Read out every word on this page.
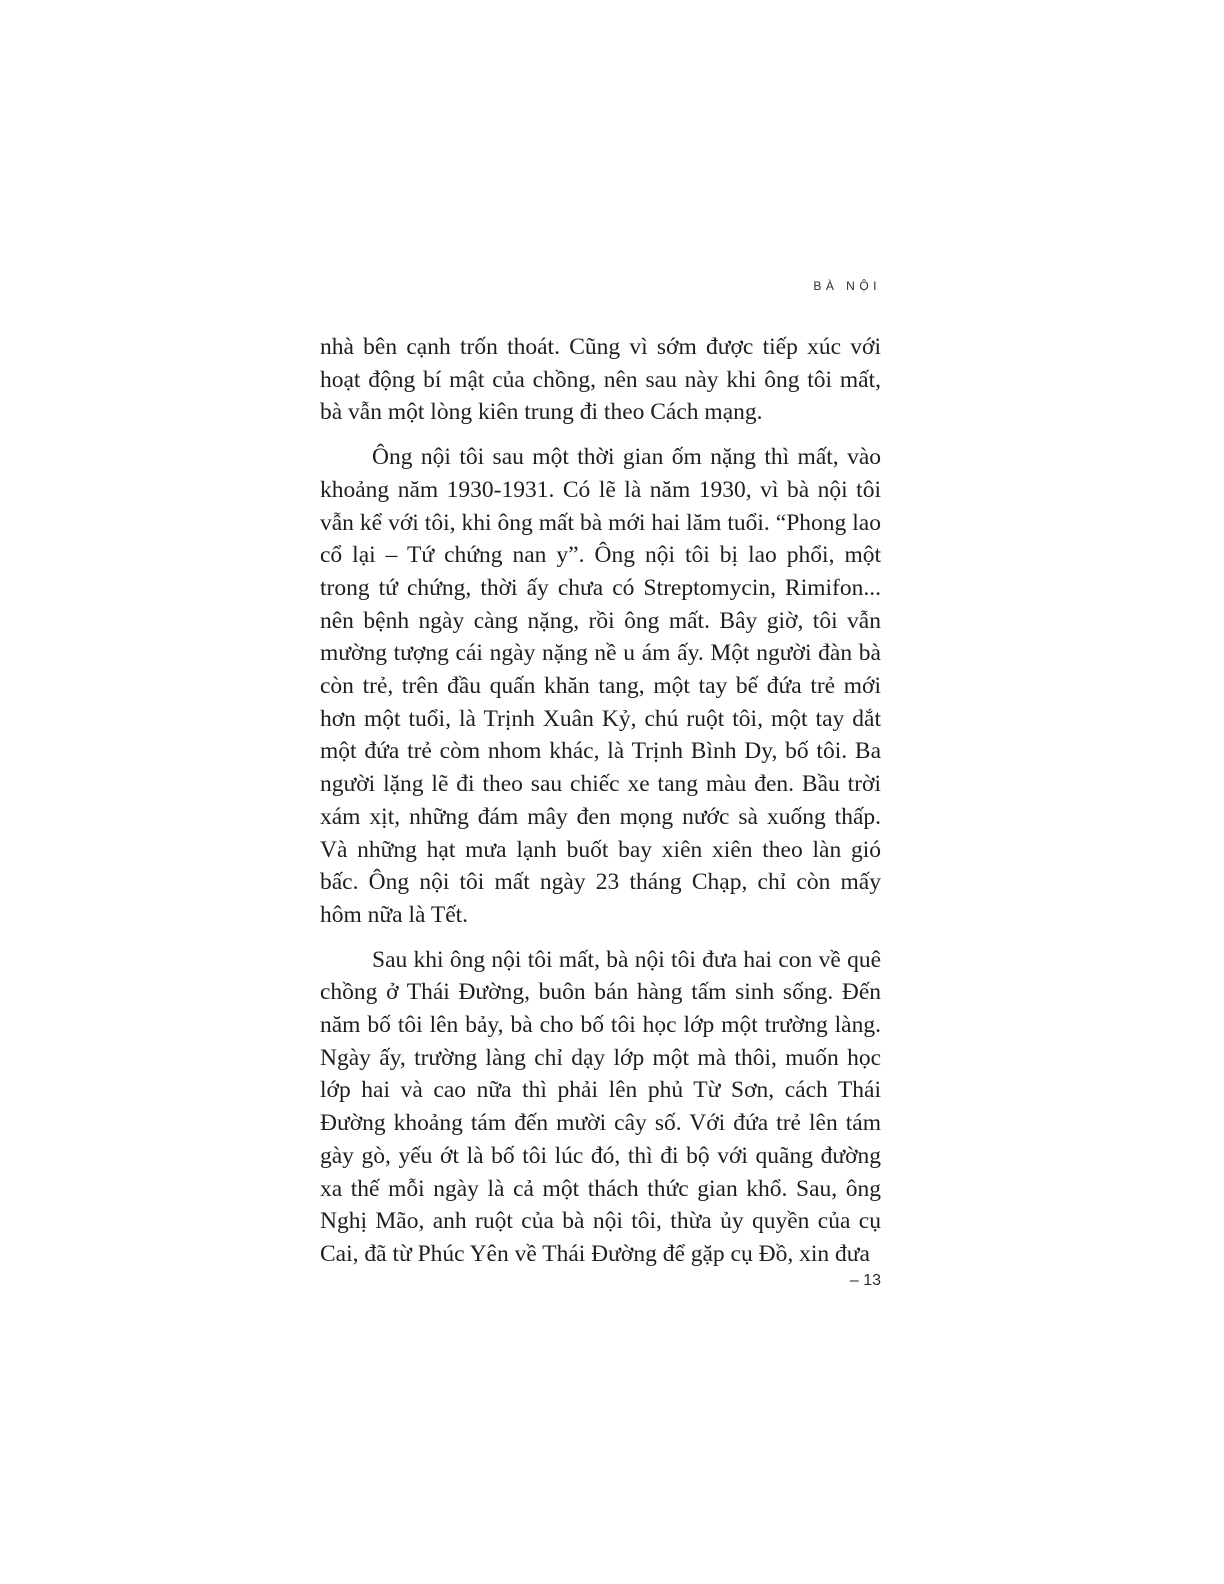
BÀ NỘI

nhà bên cạnh trốn thoát. Cũng vì sớm được tiếp xúc với hoạt động bí mật của chồng, nên sau này khi ông tôi mất, bà vẫn một lòng kiên trung đi theo Cách mạng.

Ông nội tôi sau một thời gian ốm nặng thì mất, vào khoảng năm 1930-1931. Có lẽ là năm 1930, vì bà nội tôi vẫn kể với tôi, khi ông mất bà mới hai lăm tuổi. “Phong lao cổ lại – Tứ chứng nan y”. Ông nội tôi bị lao phổi, một trong tứ chứng, thời ấy chưa có Streptomycin, Rimifon... nên bệnh ngày càng nặng, rồi ông mất. Bây giờ, tôi vẫn mường tượng cái ngày nặng nề u ám ấy. Một người đàn bà còn trẻ, trên đầu quấn khăn tang, một tay bế đứa trẻ mới hơn một tuổi, là Trịnh Xuân Kỷ, chú ruột tôi, một tay dắt một đứa trẻ còm nhom khác, là Trịnh Bình Dy, bố tôi. Ba người lặng lẽ đi theo sau chiếc xe tang màu đen. Bầu trời xám xịt, những đám mây đen mọng nước sà xuống thấp. Và những hạt mưa lạnh buốt bay xiên xiên theo làn gió bấc. Ông nội tôi mất ngày 23 tháng Chạp, chỉ còn mấy hôm nữa là Tết.

Sau khi ông nội tôi mất, bà nội tôi đưa hai con về quê chồng ở Thái Đường, buôn bán hàng tấm sinh sống. Đến năm bố tôi lên bảy, bà cho bố tôi học lớp một trường làng. Ngày ấy, trường làng chỉ dạy lớp một mà thôi, muốn học lớp hai và cao nữa thì phải lên phủ Từ Sơn, cách Thái Đường khoảng tám đến mười cây số. Với đứa trẻ lên tám gày gò, yếu ớt là bố tôi lúc đó, thì đi bộ với quãng đường xa thế mỗi ngày là cả một thách thức gian khổ. Sau, ông Nghị Mão, anh ruột của bà nội tôi, thừa ủy quyền của cụ Cai, đã từ Phúc Yên về Thái Đường để gặp cụ Đồ, xin đưa

– 13
